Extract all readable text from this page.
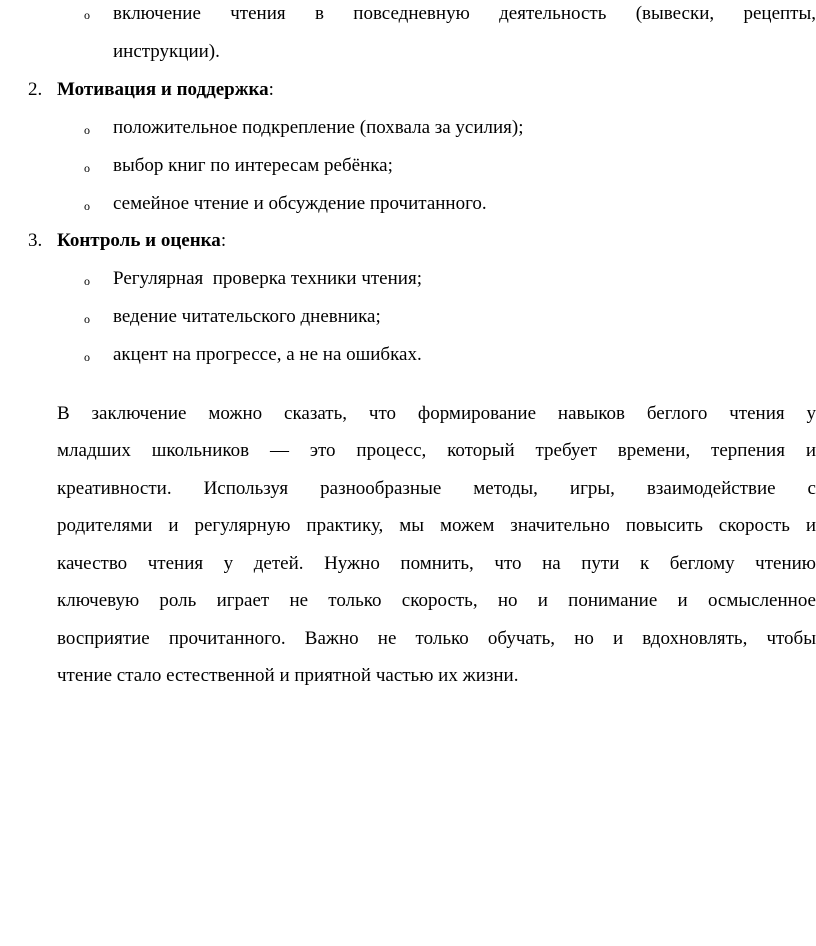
o включение чтения в повседневную деятельность (вывески, рецепты,
инструкции).
2. Мотивация и поддержка:
o положительное подкрепление (похвала за усилия);
o выбор книг по интересам ребёнка;
o семейное чтение и обсуждение прочитанного.
3. Контроль и оценка:
o Регулярная  проверка техники чтения;
o ведение читательского дневника;
o акцент на прогрессе, а не на ошибках.
В заключение можно сказать, что формирование навыков беглого чтения у
младших школьников — это процесс, который требует времени, терпения и
креативности. Используя разнообразные методы, игры, взаимодействие с
родителями и регулярную практику, мы можем значительно повысить скорость и
качество чтения у детей. Нужно помнить, что на пути к беглому чтению
ключевую роль играет не только скорость, но и понимание и осмысленное
восприятие прочитанного. Важно не только обучать, но и вдохновлять, чтобы
чтение стало естественной и приятной частью их жизни.
